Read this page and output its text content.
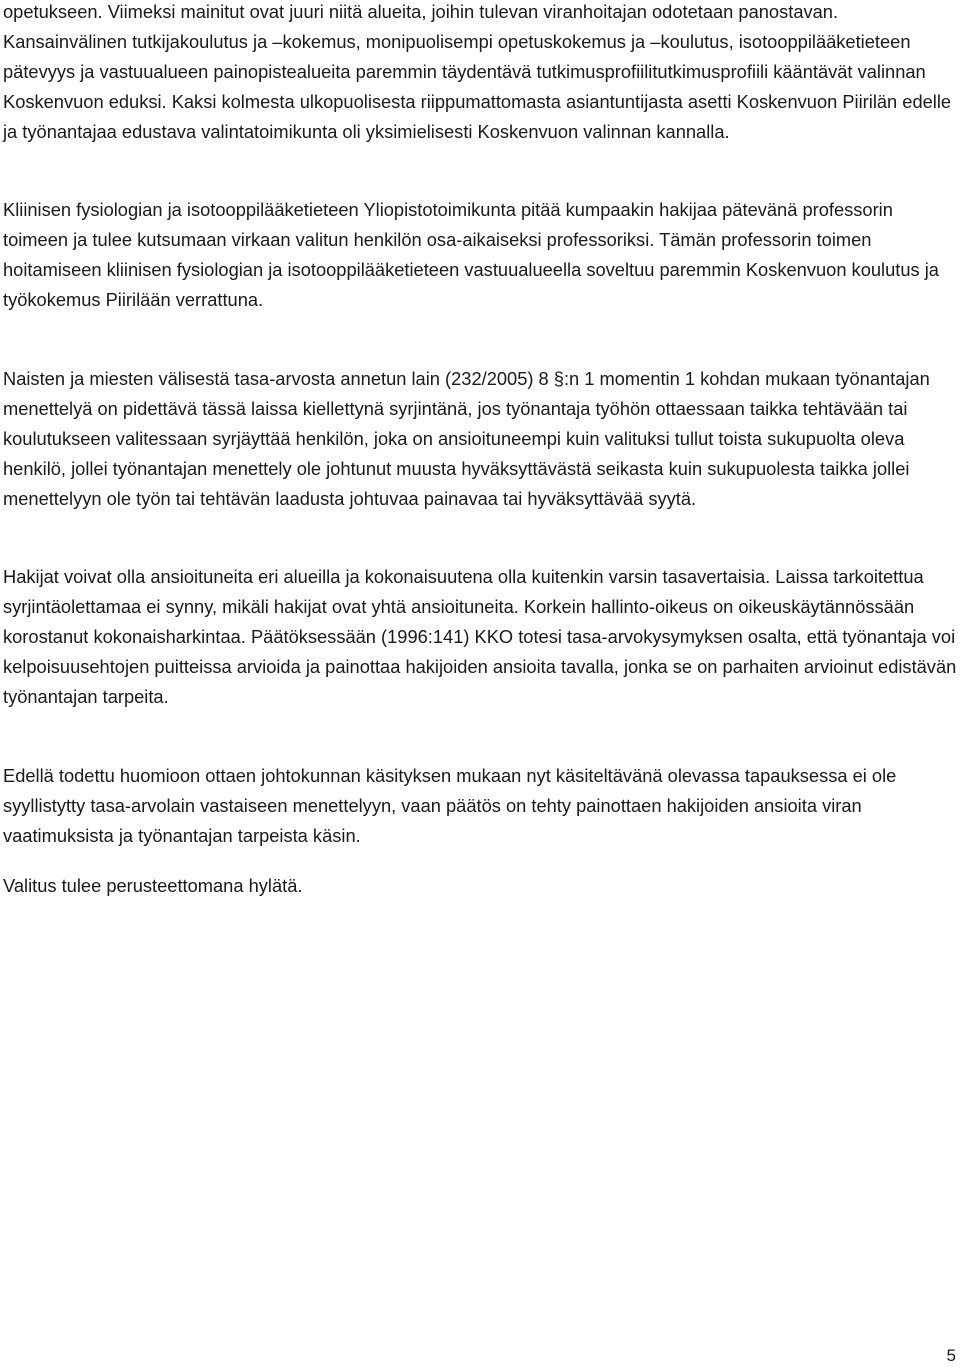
opetukseen. Viimeksi mainitut ovat juuri niitä alueita, joihin tulevan viranhoitajan odotetaan panostavan. Kansainvälinen tutkijakoulutus ja –kokemus, monipuolisempi opetuskokemus ja –koulutus, isotooppilääketieteen pätevyys ja vastuualueen painopistealueita paremmin täydentävä tutkimusprofiilitutkimusprofiili kääntävät valinnan Koskenvuon eduksi. Kaksi kolmesta ulkopuolisesta riippumattomasta asiantuntijasta asetti Koskenvuon Piirilän edelle ja työnantajaa edustava valintatoimikunta oli yksimielisesti Koskenvuon valinnan kannalla.

Kliinisen fysiologian ja isotooppilääketieteen Yliopistotoimikunta pitää kumpaakin hakijaa pätevänä professorin toimeen ja tulee kutsumaan virkaan valitun henkilön osa-aikaiseksi professoriksi. Tämän professorin toimen hoitamiseen kliinisen fysiologian ja isotooppilääketieteen vastuualueella soveltuu paremmin Koskenvuon koulutus ja työkokemus Piirilään verrattuna.

Naisten ja miesten välisestä tasa-arvosta annetun lain (232/2005) 8 §:n 1 momentin 1 kohdan mukaan työnantajan menettelyä on pidettävä tässä laissa kiellettynä syrjintänä, jos työnantaja työhön ottaessaan taikka tehtävään tai koulutukseen valitessaan syrjäyttää henkilön, joka on ansioituneempi kuin valituksi tullut toista sukupuolta oleva henkilö, jollei työnantajan menettely ole johtunut muusta hyväksyttävästä seikasta kuin sukupuolesta taikka jollei menettelyyn ole työn tai tehtävän laadusta johtuvaa painavaa tai hyväksyttävää syytä.

Hakijat voivat olla ansioituneita eri alueilla ja kokonaisuutena olla kuitenkin varsin tasavertaisia. Laissa tarkoitettua syrjintäolettamaa ei synny, mikäli hakijat ovat yhtä ansioituneita. Korkein hallinto-oikeus on oikeuskäytännössään korostanut kokonaisharkintaa. Päätöksessään (1996:141) KKO totesi tasa-arvokysymyksen osalta, että työnantaja voi kelpoisuusehtojen puitteissa arvioida ja painottaa hakijoiden ansioita tavalla, jonka se on parhaiten arvioinut edistävän työnantajan tarpeita.

Edellä todettu huomioon ottaen johtokunnan käsityksen mukaan nyt käsiteltävänä olevassa tapauksessa ei ole syyllistytty tasa-arvolain vastaiseen menettelyyn, vaan päätös on tehty painottaen hakijoiden ansioita viran vaatimuksista ja työnantajan tarpeista käsin.

Valitus tulee perusteettomana hylätä.

5
